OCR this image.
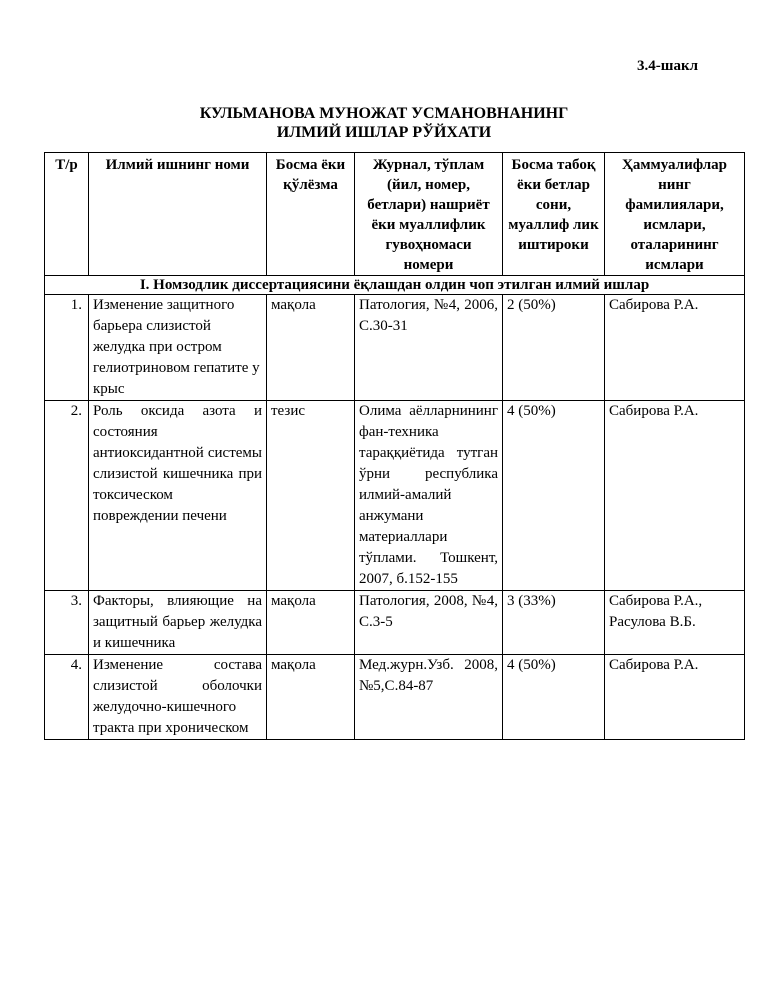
3.4-шакл
КУЛЬМАНОВА МУНОЖАТ УСМАНОВНАНИНГ
ИЛМИЙ ИШЛАР РЎЙХАТИ
Т/р	Илмий ишнинг номи	Босма ёки қўлёзма	Журнал, тўплам (йил, номер, бетлари) нашриёт ёки муаллифлик гувоҳномаси номери	Босма табоқ ёки бетлар сони, муаллиф лик иштироки	Ҳаммуалифлар нинг фамилиялари, исмлари, оталарининг исмлари
I. Номзодлик диссертациясини ёқлашдан олдин чоп этилган илмий ишлар					
1.	Изменение защитного барьера слизистой желудка при остром гелиотриновом гепатите у крыс	мақола	Патология, №4, 2006, С.30-31	2 (50%)	Сабирова Р.А.
2.	Роль оксида азота и состояния антиоксидантной системы слизистой кишечника при токсическом повреждении печени	тезис	Олима аёлларнининг фан-техника тараққиётида тутган ўрни республика илмий-амалий анжумани материаллари тўплами. Тошкент, 2007, б.152-155	4 (50%)	Сабирова Р.А.
3.	Факторы, влияющие на защитный барьер желудка и кишечника	мақола	Патология, 2008, №4, С.3-5	3 (33%)	Сабирова Р.А., Расулова В.Б.
4.	Изменение состава слизистой оболочки желудочно-кишечного тракта при хроническом	мақола	Мед.журн.Узб. 2008, №5,С.84-87	4 (50%)	Сабирова Р.А.
